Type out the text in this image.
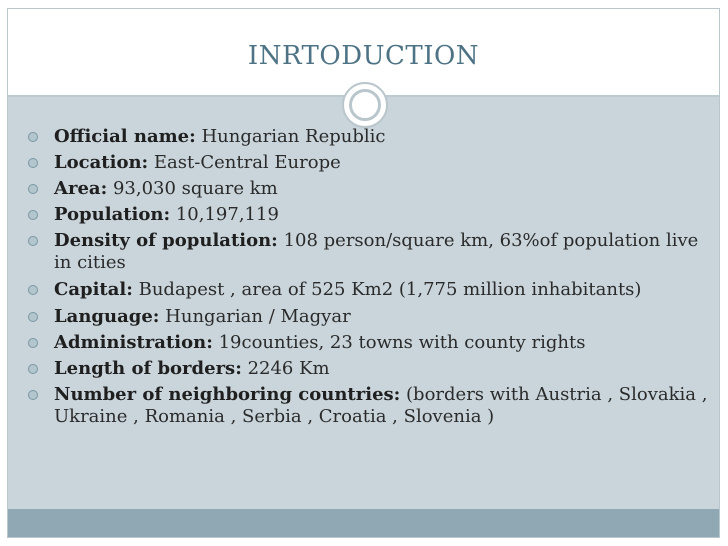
INRTODUCTION
Official name: Hungarian Republic
Location: East-Central Europe
Area: 93,030 square km
Population: 10,197,119
Density of population: 108 person/square km, 63%of population live in cities
Capital: Budapest , area of 525 Km2 (1,775 million inhabitants)
Language: Hungarian / Magyar
Administration: 19counties, 23 towns with county rights
Length of borders: 2246 Km
Number of neighboring countries: (borders with Austria , Slovakia , Ukraine , Romania , Serbia , Croatia , Slovenia )
